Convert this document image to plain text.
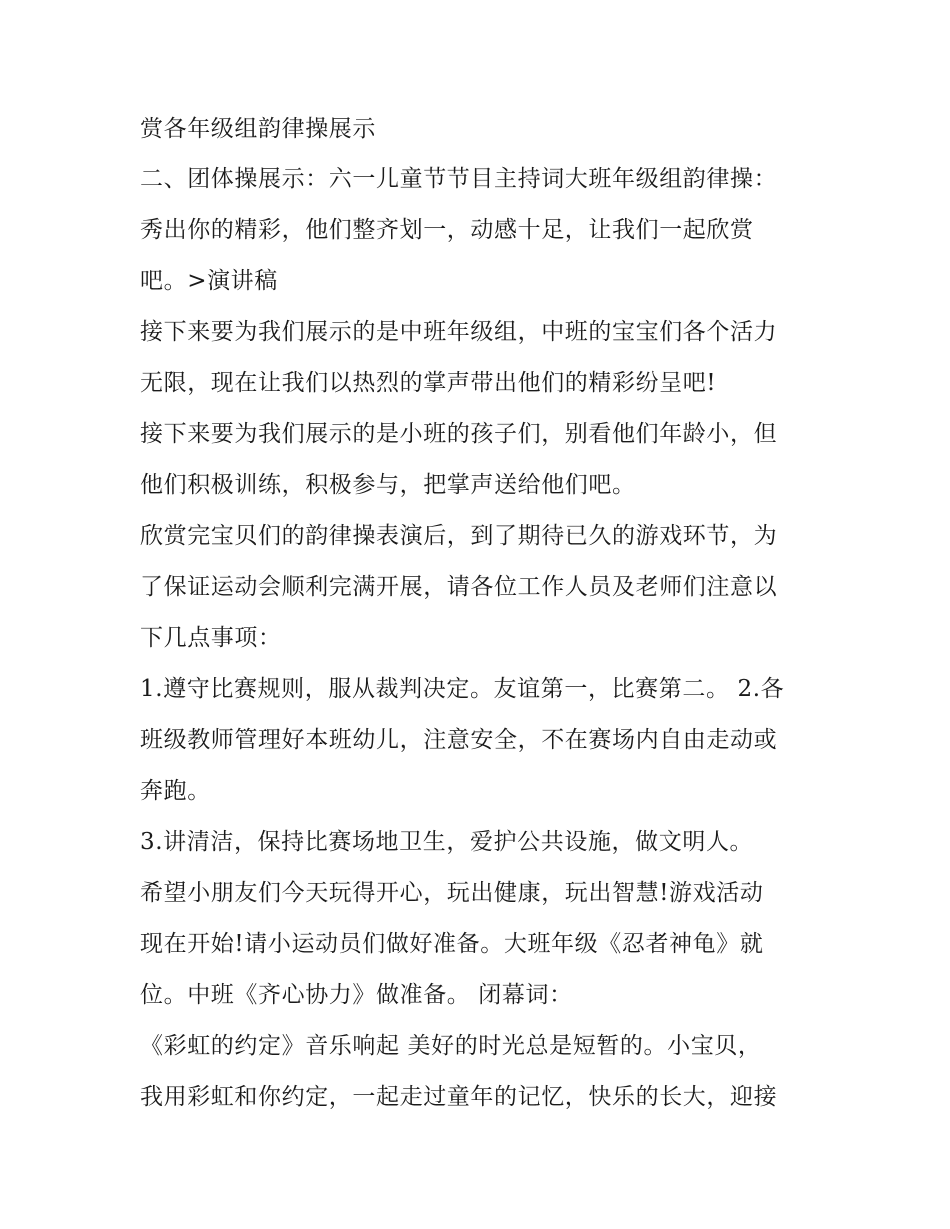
赏各年级组韵律操展示
二、团体操展示：六一儿童节节目主持词大班年级组韵律操：
秀出你的精彩，他们整齐划一，动感十足，让我们一起欣赏
吧。>演讲稿
接下来要为我们展示的是中班年级组，中班的宝宝们各个活力
无限，现在让我们以热烈的掌声带出他们的精彩纷呈吧!
接下来要为我们展示的是小班的孩子们，别看他们年龄小，但
他们积极训练，积极参与，把掌声送给他们吧。
欣赏完宝贝们的韵律操表演后，到了期待已久的游戏环节，为
了保证运动会顺利完满开展，请各位工作人员及老师们注意以
下几点事项：
1.遵守比赛规则，服从裁判决定。友谊第一，比赛第二。 2.各
班级教师管理好本班幼儿，注意安全，不在赛场内自由走动或
奔跑。
3.讲清洁，保持比赛场地卫生，爱护公共设施，做文明人。
希望小朋友们今天玩得开心，玩出健康，玩出智慧!游戏活动
现在开始!请小运动员们做好准备。大班年级《忍者神龟》就
位。中班《齐心协力》做准备。 闭幕词：
《彩虹的约定》音乐响起 美好的时光总是短暂的。小宝贝，
我用彩虹和你约定，一起走过童年的记忆，快乐的长大，迎接
